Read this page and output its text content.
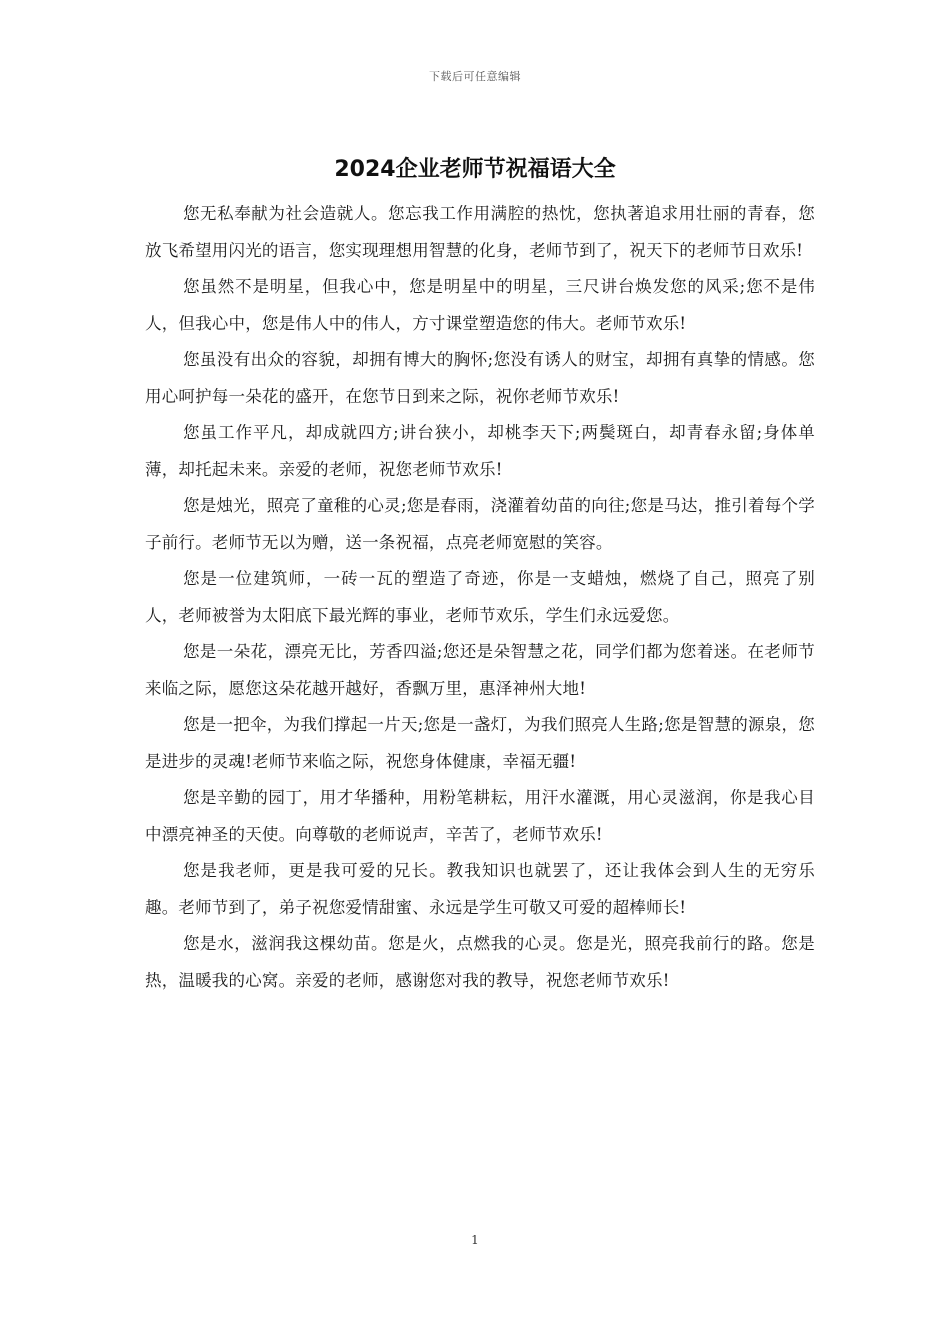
下载后可任意编辑
2024企业老师节祝福语大全

您无私奉献为社会造就人。您忘我工作用满腔的热忱，您执著追求用壮丽的青春，您放飞希望用闪光的语言，您实现理想用智慧的化身，老师节到了，祝天下的老师节日欢乐!

您虽然不是明星，但我心中，您是明星中的明星，三尺讲台焕发您的风采;您不是伟人，但我心中，您是伟人中的伟人，方寸课堂塑造您的伟大。老师节欢乐!

您虽没有出众的容貌，却拥有博大的胸怀;您没有诱人的财宝，却拥有真挚的情感。您用心呵护每一朵花的盛开，在您节日到来之际，祝你老师节欢乐!

您虽工作平凡，却成就四方;讲台狭小，却桃李天下;两鬓斑白，却青春永留;身体单薄，却托起未来。亲爱的老师，祝您老师节欢乐!

您是烛光，照亮了童稚的心灵;您是春雨，浇灌着幼苗的向往;您是马达，推引着每个学子前行。老师节无以为赠，送一条祝福，点亮老师宽慰的笑容。

您是一位建筑师，一砖一瓦的塑造了奇迹，你是一支蜡烛，燃烧了自己，照亮了别人，老师被誉为太阳底下最光辉的事业，老师节欢乐，学生们永远爱您。

您是一朵花，漂亮无比，芳香四溢;您还是朵智慧之花，同学们都为您着迷。在老师节来临之际，愿您这朵花越开越好，香飘万里，惠泽神州大地!

您是一把伞，为我们撑起一片天;您是一盏灯，为我们照亮人生路;您是智慧的源泉，您是进步的灵魂!老师节来临之际，祝您身体健康，幸福无疆!

您是辛勤的园丁，用才华播种，用粉笔耕耘，用汗水灌溉，用心灵滋润，你是我心目中漂亮神圣的天使。向尊敬的老师说声，辛苦了，老师节欢乐!

您是我老师，更是我可爱的兄长。教我知识也就罢了，还让我体会到人生的无穷乐趣。老师节到了，弟子祝您爱情甜蜜、永远是学生可敬又可爱的超棒师长!

您是水，滋润我这棵幼苗。您是火，点燃我的心灵。您是光，照亮我前行的路。您是热，温暖我的心窝。亲爱的老师，感谢您对我的教导，祝您老师节欢乐!

1
